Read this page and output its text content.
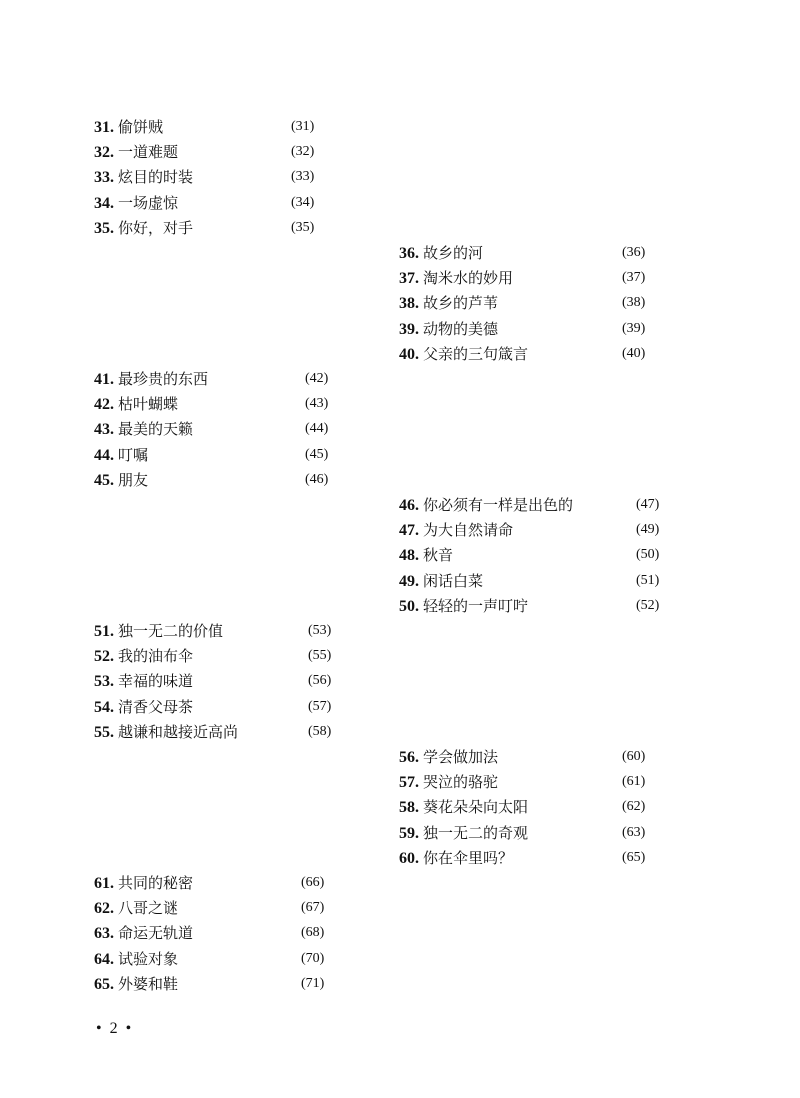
31. 偷饼贼	(31)
32. 一道难题	(32)
33. 炫目的时装	(33)
34. 一场虚惊	(34)
35. 你好，对手	(35)
36. 故乡的河	(36)
37. 淘米水的妙用	(37)
38. 故乡的芦苇	(38)
39. 动物的美德	(39)
40. 父亲的三句箴言	(40)
41. 最珍贵的东西	(42)
42. 枯叶蝴蝶	(43)
43. 最美的天籁	(44)
44. 叮嘱	(45)
45. 朋友	(46)
46. 你必须有一样是出色的	(47)
47. 为大自然请命	(49)
48. 秋音	(50)
49. 闲话白菜	(51)
50. 轻轻的一声叮咛	(52)
51. 独一无二的价值	(53)
52. 我的油布伞	(55)
53. 幸福的味道	(56)
54. 清香父母茶	(57)
55. 越谦和越接近高尚	(58)
56. 学会做加法	(60)
57. 哭泣的骆驼	(61)
58. 葵花朵朵向太阳	(62)
59. 独一无二的奇观	(63)
60. 你在伞里吗？	(65)
61. 共同的秘密	(66)
62. 八哥之谜	(67)
63. 命运无轨道	(68)
64. 试验对象	(70)
65. 外婆和鞋	(71)
• 2 •
